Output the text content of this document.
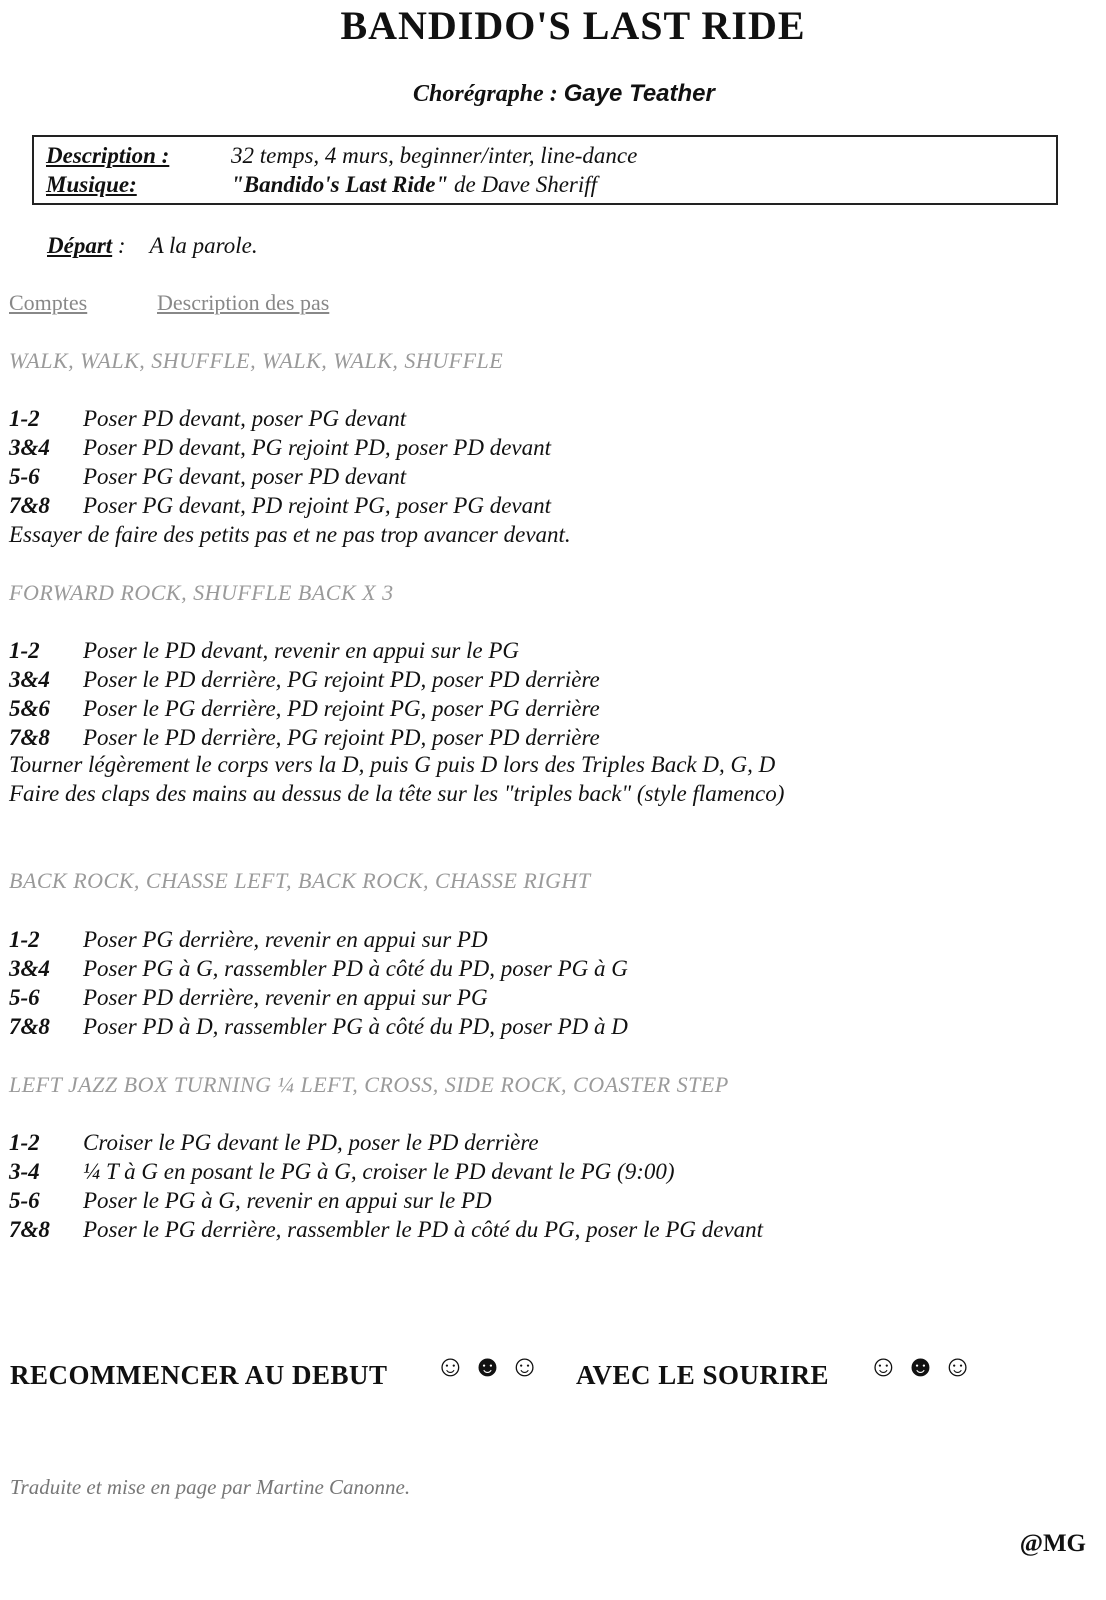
BANDIDO'S LAST RIDE
Chorégraphe : Gaye Teather
Description :	32 temps, 4 murs, beginner/inter, line-dance
Musique:	"Bandido's Last Ride" de Dave Sheriff
Départ : A la parole.
Comptes	Description des pas
WALK, WALK, SHUFFLE, WALK, WALK, SHUFFLE
1-2 Poser PD devant, poser PG devant
3&4 Poser PD devant, PG rejoint PD, poser PD devant
5-6 Poser PG devant, poser PD devant
7&8 Poser PG devant, PD rejoint PG, poser PG devant
Essayer de faire des petits pas et ne pas trop avancer devant.
FORWARD ROCK, SHUFFLE BACK X 3
1-2 Poser le PD devant, revenir en appui sur le PG
3&4 Poser le PD derrière, PG rejoint PD, poser PD derrière
5&6 Poser le PG derrière, PD rejoint PG, poser PG derrière
7&8 Poser le PD derrière, PG rejoint PD, poser PD derrière
Tourner légèrement le corps vers la D, puis G puis D lors des Triples Back D, G, D
Faire des claps des mains au dessus de la tête sur les "triples back" (style flamenco)
BACK ROCK, CHASSE LEFT, BACK ROCK, CHASSE RIGHT
1-2 Poser PG derrière, revenir en appui sur PD
3&4 Poser PG à G, rassembler PD à côté du PD, poser PG à G
5-6 Poser PD derrière, revenir en appui sur PG
7&8 Poser PD à D, rassembler PG à côté du PD, poser PD à D
LEFT JAZZ BOX TURNING ¼ LEFT, CROSS, SIDE ROCK, COASTER STEP
1-2 Croiser le PG devant le PD, poser le PD derrière
3-4 ¼ T à G en posant le PG à G, croiser le PD devant le PG (9:00)
5-6 Poser le PG à G, revenir en appui sur le PD
7&8 Poser le PG derrière, rassembler le PD à côté du PG, poser le PG devant
RECOMMENCER AU DEBUT ☺☻☺ AVEC LE SOURIRE ☺☻☺
Traduite et mise en page par Martine Canonne.
@MG
